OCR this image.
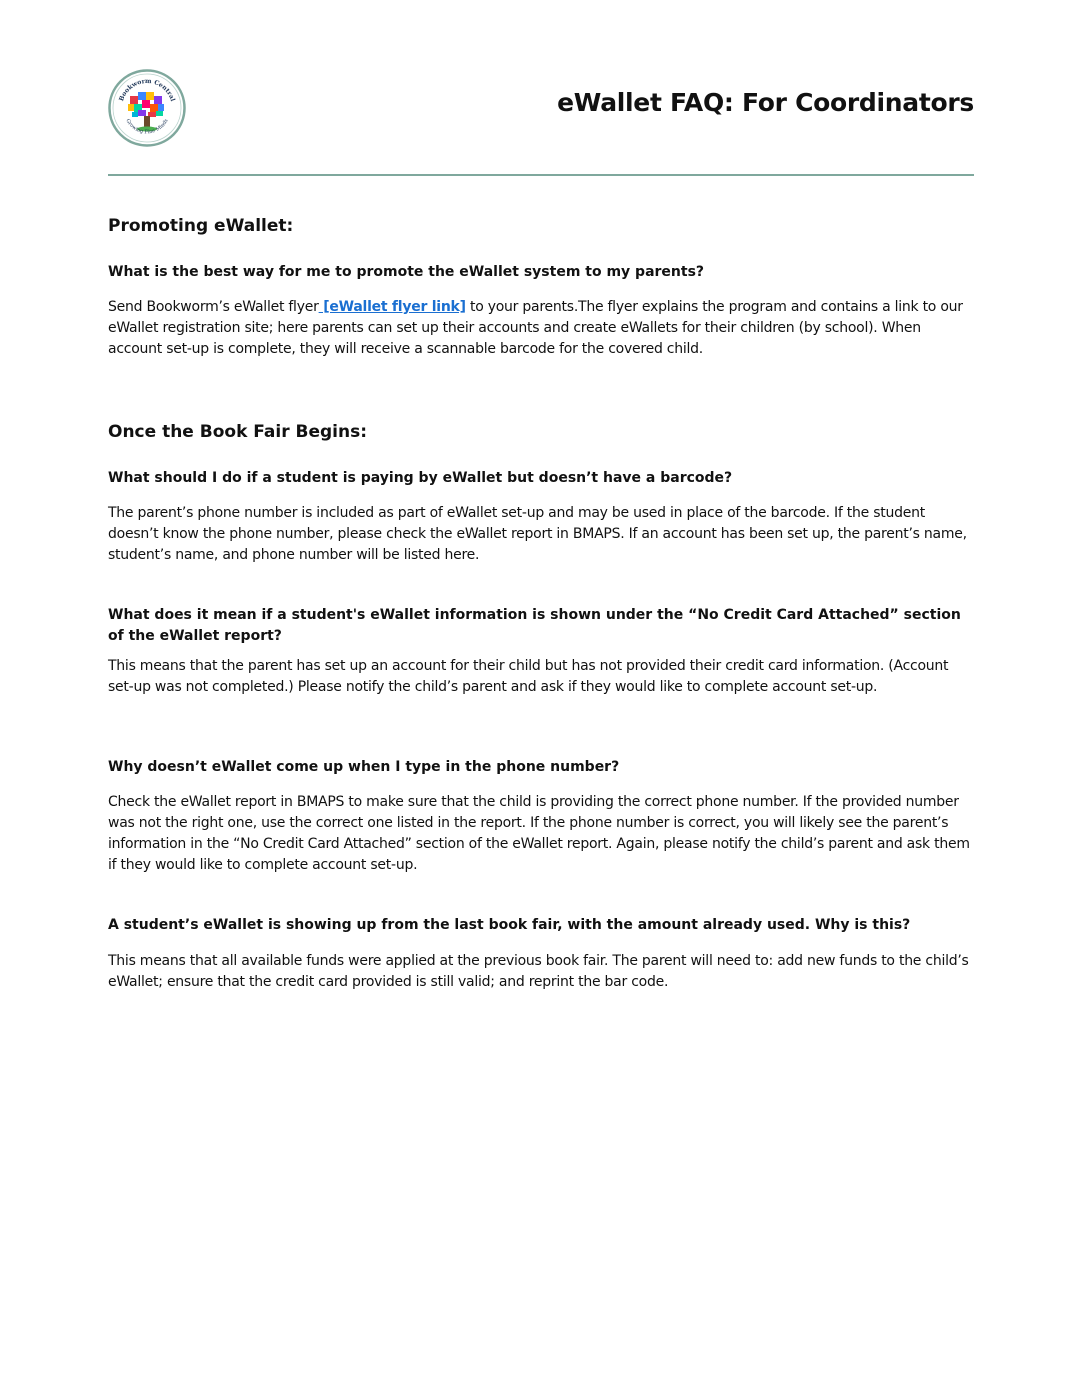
Bookworm Central
Growing Fine Minds
eWallet FAQ: For Coordinators
Promoting eWallet:

What is the best way for me to promote the eWallet system to my parents?

Send Bookworm’s eWallet flyer [eWallet flyer link] to your parents.The flyer explains the program and contains a link to our eWallet registration site; here parents can set up their accounts and create eWallets for their children (by school). When account set-up is complete, they will receive a scannable barcode for the covered child.

Once the Book Fair Begins:

What should I do if a student is paying by eWallet but doesn’t have a barcode?

The parent’s phone number is included as part of eWallet set-up and may be used in place of the barcode. If the student doesn’t know the phone number, please check the eWallet report in BMAPS. If an account has been set up, the parent’s name, student’s name, and phone number will be listed here.

What does it mean if a student's eWallet information is shown under the “No Credit Card Attached” section of the eWallet report?

This means that the parent has set up an account for their child but has not provided their credit card information. (Account set-up was not completed.) Please notify the child’s parent and ask if they would like to complete account set-up.

Why doesn’t eWallet come up when I type in the phone number?

Check the eWallet report in BMAPS to make sure that the child is providing the correct phone number. If the provided number was not the right one, use the correct one listed in the report. If the phone number is correct, you will likely see the parent’s information in the “No Credit Card Attached” section of the eWallet report. Again, please notify the child’s parent and ask them if they would like to complete account set-up.

A student’s eWallet is showing up from the last book fair, with the amount already used. Why is this?

This means that all available funds were applied at the previous book fair. The parent will need to: add new funds to the child’s eWallet; ensure that the credit card provided is still valid; and reprint the bar code.
